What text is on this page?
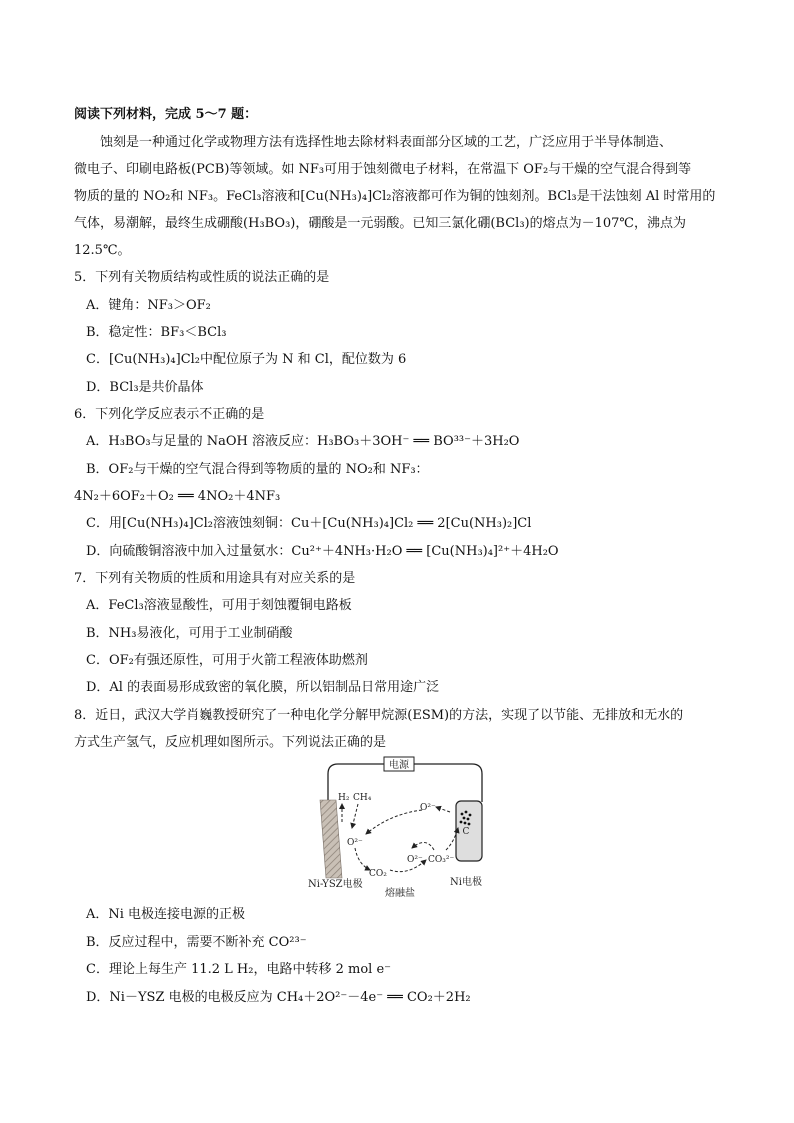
阅读下列材料，完成 5～7 题：
蚀刻是一种通过化学或物理方法有选择性地去除材料表面部分区域的工艺，广泛应用于半导体制造、
微电子、印刷电路板(PCB)等领域。如 NF₃可用于蚀刻微电子材料，在常温下 OF₂与干燥的空气混合得到等
物质的量的 NO₂和 NF₃。FeCl₃溶液和[Cu(NH₃)₄]Cl₂溶液都可作为铜的蚀刻剂。BCl₃是干法蚀刻 Al 时常用的
气体，易潮解，最终生成硼酸(H₃BO₃)，硼酸是一元弱酸。已知三氯化硼(BCl₃)的熔点为－107℃，沸点为
12.5℃。
5．下列有关物质结构或性质的说法正确的是
A．键角：NF₃＞OF₂
B．稳定性：BF₃＜BCl₃
C．[Cu(NH₃)₄]Cl₂中配位原子为 N 和 Cl，配位数为 6
D．BCl₃是共价晶体
6．下列化学反应表示不正确的是
A．H₃BO₃与足量的 NaOH 溶液反应：H₃BO₃＋3OH⁻ ══ BO³³⁻＋3H₂O
B．OF₂与干燥的空气混合得到等物质的量的 NO₂和 NF₃：
4N₂＋6OF₂＋O₂ ══ 4NO₂＋4NF₃
C．用[Cu(NH₃)₄]Cl₂溶液蚀刻铜：Cu＋[Cu(NH₃)₄]Cl₂ ══ 2[Cu(NH₃)₂]Cl
D．向硫酸铜溶液中加入过量氨水：Cu²⁺＋4NH₃·H₂O ══ [Cu(NH₃)₄]²⁺＋4H₂O
7．下列有关物质的性质和用途具有对应关系的是
A．FeCl₃溶液显酸性，可用于刻蚀覆铜电路板
B．NH₃易液化，可用于工业制硝酸
C．OF₂有强还原性，可用于火箭工程液体助燃剂
D．Al 的表面易形成致密的氧化膜，所以铝制品日常用途广泛
8．近日，武汉大学肖巍教授研究了一种电化学分解甲烷源(ESM)的方法，实现了以节能、无排放和无水的
方式生产氢气，反应机理如图所示。下列说法正确的是
电源
C
H₂ CH₄
O²⁻
O²⁻
O²⁻
CO₂
CO₃²⁻
Ni-YSZ电极
熔融盐
Ni电极
A．Ni 电极连接电源的正极
B．反应过程中，需要不断补充 CO²³⁻
C．理论上每生产 11.2 L H₂，电路中转移 2 mol e⁻
D．Ni－YSZ 电极的电极反应为 CH₄＋2O²⁻－4e⁻ ══ CO₂＋2H₂
